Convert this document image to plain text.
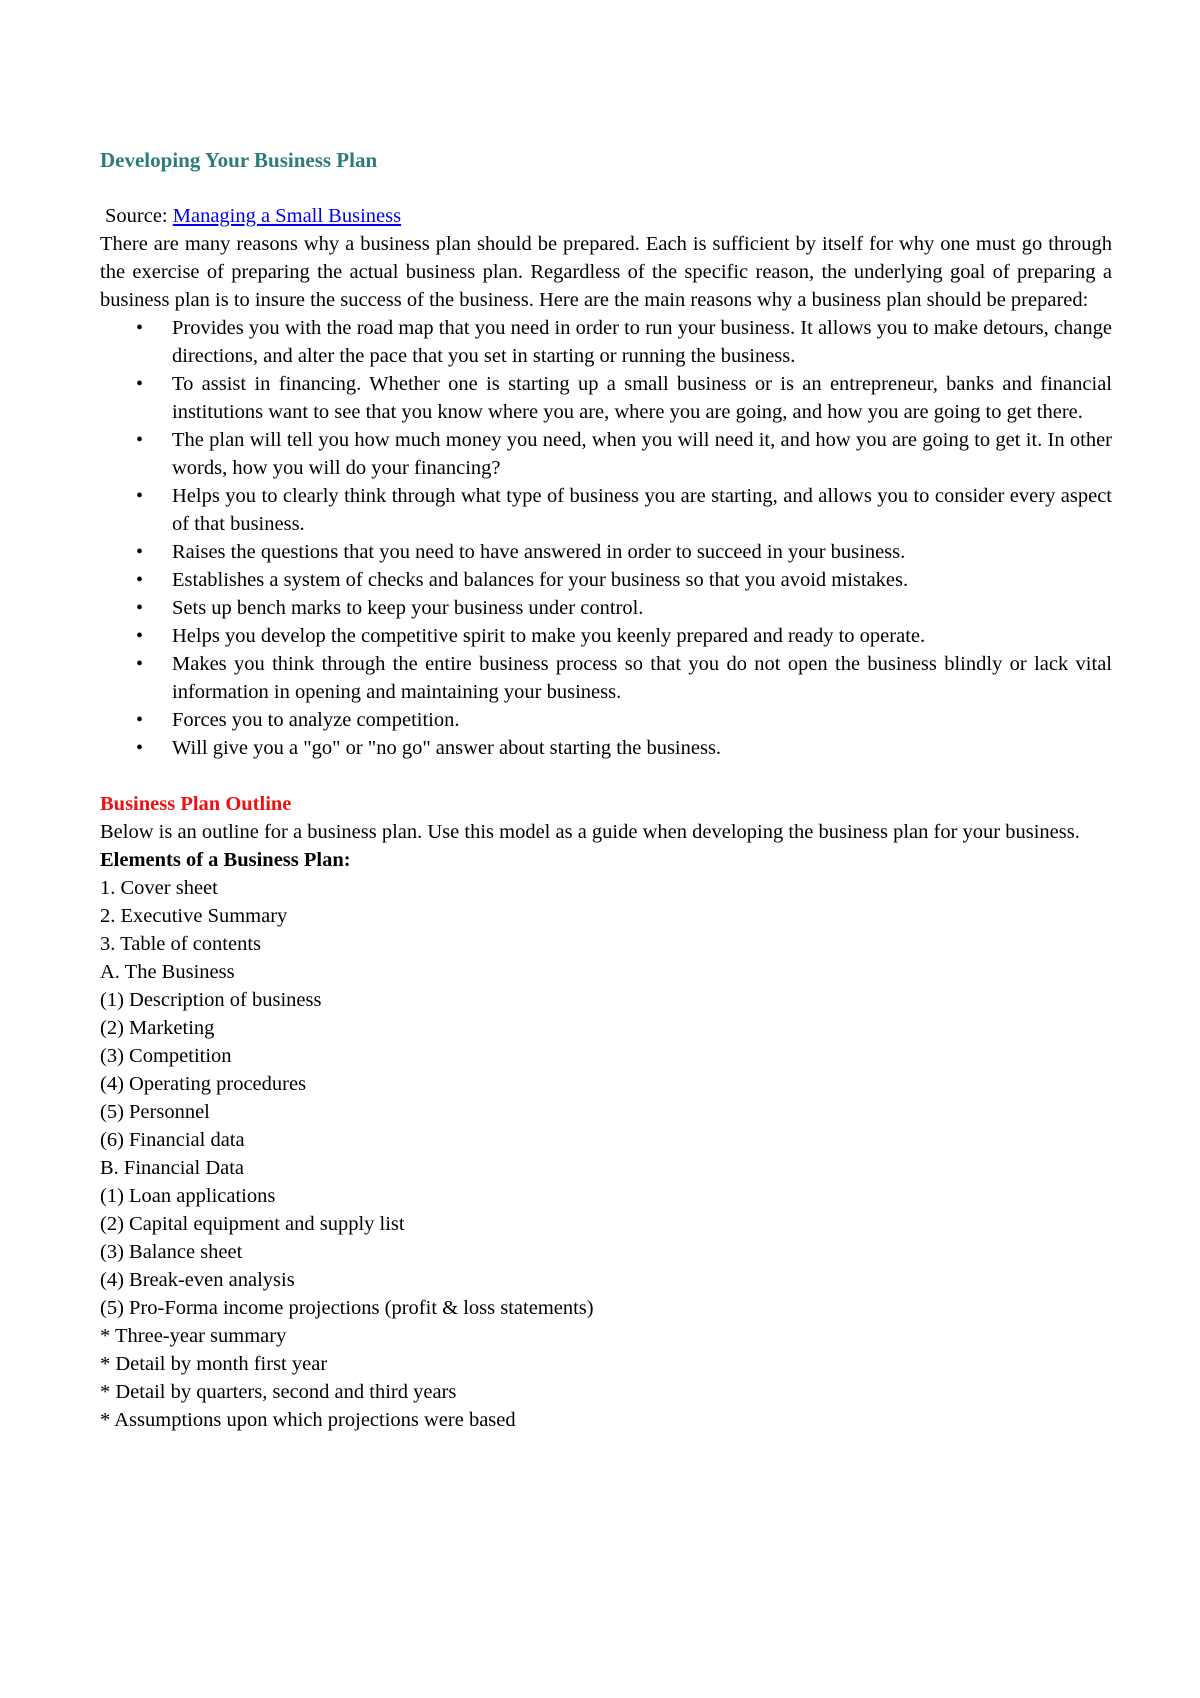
Developing Your Business Plan

Source: Managing a Small Business

There are many reasons why a business plan should be prepared. Each is sufficient by itself for why one must go through the exercise of preparing the actual business plan. Regardless of the specific reason, the underlying goal of preparing a business plan is to insure the success of the business. Here are the main reasons why a business plan should be prepared:

• Provides you with the road map that you need in order to run your business. It allows you to make detours, change directions, and alter the pace that you set in starting or running the business.
• To assist in financing. Whether one is starting up a small business or is an entrepreneur, banks and financial institutions want to see that you know where you are, where you are going, and how you are going to get there.
• The plan will tell you how much money you need, when you will need it, and how you are going to get it. In other words, how you will do your financing?
• Helps you to clearly think through what type of business you are starting, and allows you to consider every aspect of that business.
• Raises the questions that you need to have answered in order to succeed in your business.
• Establishes a system of checks and balances for your business so that you avoid mistakes.
• Sets up bench marks to keep your business under control.
• Helps you develop the competitive spirit to make you keenly prepared and ready to operate.
• Makes you think through the entire business process so that you do not open the business blindly or lack vital information in opening and maintaining your business.
• Forces you to analyze competition.
• Will give you a "go" or "no go" answer about starting the business.

Business Plan Outline

Below is an outline for a business plan. Use this model as a guide when developing the business plan for your business.

Elements of a Business Plan:

1. Cover sheet

2. Executive Summary

3. Table of contents

A. The Business

(1) Description of business

(2) Marketing

(3) Competition

(4) Operating procedures

(5) Personnel

(6) Financial data

B. Financial Data

(1) Loan applications

(2) Capital equipment and supply list

(3) Balance sheet

(4) Break-even analysis

(5) Pro-Forma income projections (profit & loss statements)

* Three-year summary

* Detail by month first year

* Detail by quarters, second and third years

* Assumptions upon which projections were based
